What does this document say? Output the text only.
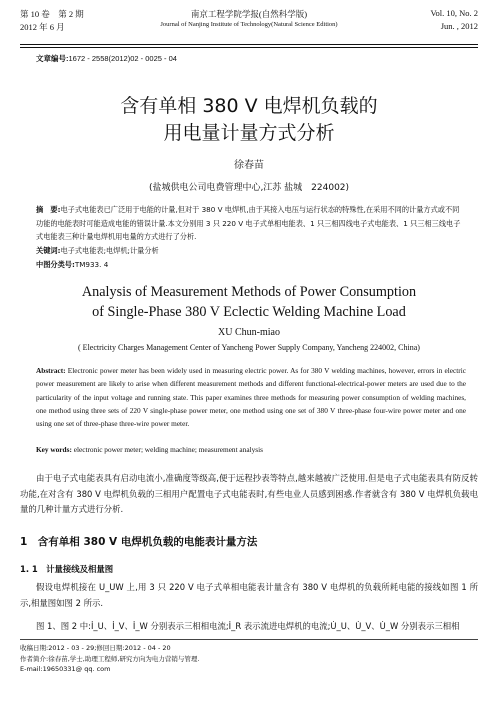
第 10 卷　第 2 期
2012 年 6 月
南京工程学院学报(自然科学版)
Journal of Nanjing Institute of Technology(Natural Science Edition)
Vol. 10, No. 2
Jun. , 2012
文章编号:1672 - 2558(2012)02 - 0025 - 04
含有单相 380 V 电焊机负载的
用电量计量方式分析
徐春苗
(盐城供电公司电费管理中心,江苏 盐城　224002)
摘　要:电子式电能表已广泛用于电能的计量,但对于 380 V 电焊机,由于其接入电压与运行状态的特殊性,在采用不同的计量方式或不同功能的电能表时可能造成电能的错误计量.本文分别用 3 只 220 V 电子式单相电能表、1 只三相四线电子式电能表、1 只三相三线电子式电能表三种计量电焊机用电量的方式进行了分析.
关键词:电子式电能表;电焊机;计量分析
中图分类号:TM933. 4
Analysis of Measurement Methods of Power Consumption
of Single-Phase 380 V Eclectic Welding Machine Load
XU Chun-miao
( Electricity Charges Management Center of Yancheng Power Supply Company, Yancheng 224002, China)
Abstract: Electronic power meter has been widely used in measuring electric power. As for 380 V welding machines, however, errors in electric power measurement are likely to arise when different measurement methods and different functional-electrical-power meters are used due to the particularity of the input voltage and running state. This paper examines three methods for measuring power consumption of welding machines, one method using three sets of 220 V single-phase power meter, one method using one set of 380 V three-phase four-wire power meter and one using one set of three-phase three-wire power meter.
Key words: electronic power meter; welding machine; measurement analysis
由于电子式电能表具有启动电流小,准确度等级高,便于远程抄表等特点,越来越被广泛使用.但是电子式电能表具有防反转功能,在对含有 380 V 电焊机负载的三相用户配置电子式电能表时,有些电业人员感到困惑.作者就含有 380 V 电焊机负载电量的几种计量方式进行分析.
1　含有单相 380 V 电焊机负载的电能表计量方法
1. 1　计量接线及相量图
假设电焊机接在 U_UW 上,用 3 只 220 V 电子式单相电能表计量含有 380 V 电焊机的负载所耗电能的接线如图 1 所示,相量图如图 2 所示.
图 1、图 2 中:İ_U、İ_V、İ_W 分别表示三相相电流;İ_R 表示流进电焊机的电流;U̇_U、U̇_V、U̇_W 分别表示三相相
收稿日期:2012 - 03 - 29;修回日期:2012 - 04 - 20
作者简介:徐春苗,学士,助理工程师,研究方向为电力营销与管理.
E-mail:19650331@ qq. com
